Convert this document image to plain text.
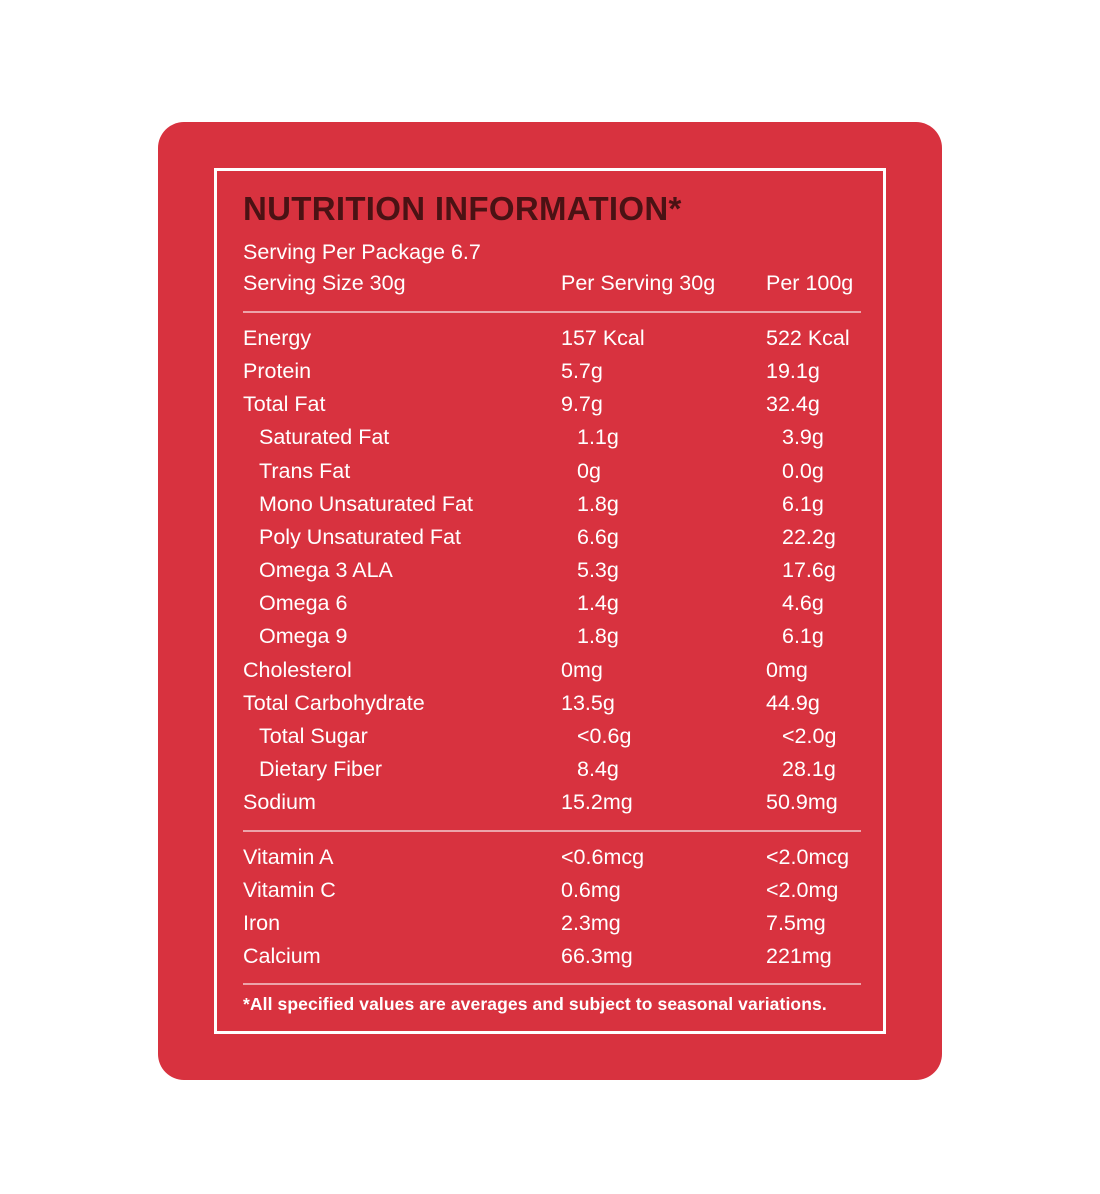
NUTRITION INFORMATION*
Serving Per Package 6.7
Serving Size 30g	Per Serving 30g	Per 100g
Energy	157 Kcal	522 Kcal
Protein	5.7g	19.1g
Total Fat	9.7g	32.4g
Saturated Fat	1.1g	3.9g
Trans Fat	0g	0.0g
Mono Unsaturated Fat	1.8g	6.1g
Poly Unsaturated Fat	6.6g	22.2g
Omega 3 ALA	5.3g	17.6g
Omega 6	1.4g	4.6g
Omega 9	1.8g	6.1g
Cholesterol	0mg	0mg
Total Carbohydrate	13.5g	44.9g
Total Sugar	<0.6g	<2.0g
Dietary Fiber	8.4g	28.1g
Sodium	15.2mg	50.9mg
Vitamin A	<0.6mcg	<2.0mcg
Vitamin C	0.6mg	<2.0mg
Iron	2.3mg	7.5mg
Calcium	66.3mg	221mg
*All specified values are averages and subject to seasonal variations.
